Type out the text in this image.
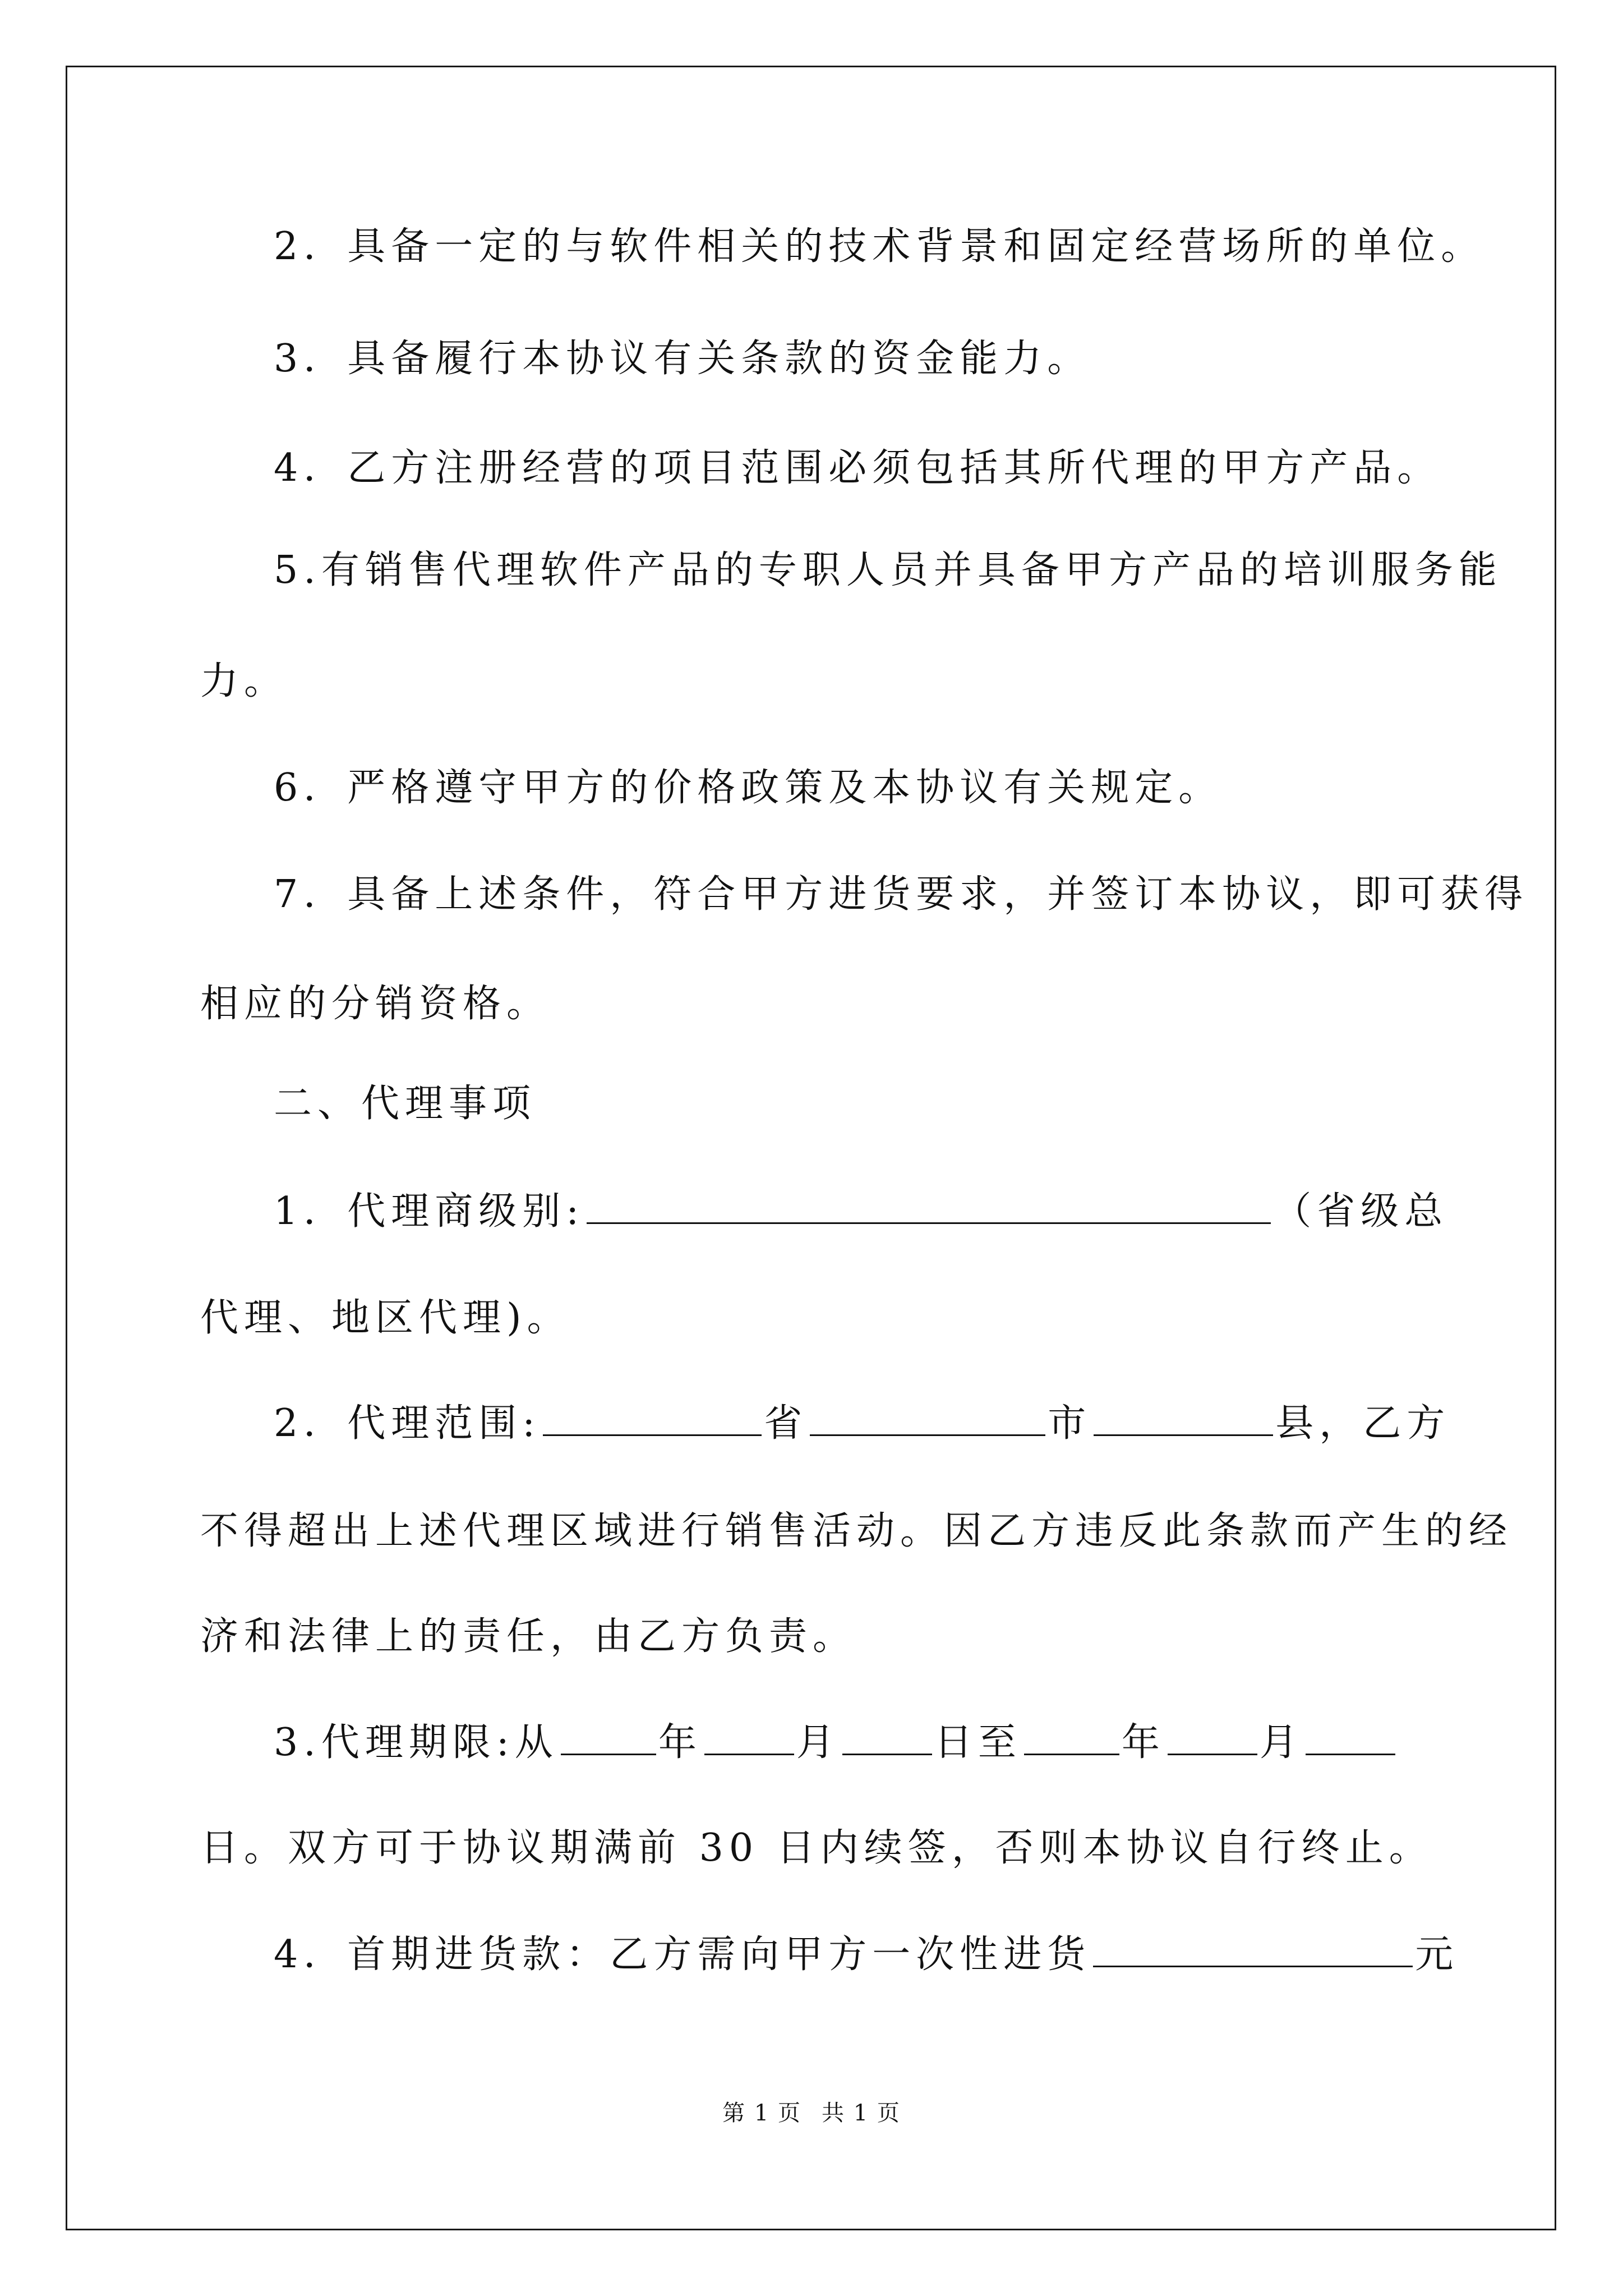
2．具备一定的与软件相关的技术背景和固定经营场所的单位。
3．具备履行本协议有关条款的资金能力。
4．乙方注册经营的项目范围必须包括其所代理的甲方产品。
5.有销售代理软件产品的专职人员并具备甲方产品的培训服务能
力。
6．严格遵守甲方的价格政策及本协议有关规定。
7．具备上述条件，符合甲方进货要求，并签订本协议，即可获得
相应的分销资格。
二、代理事项
1．代理商级别:	（省级总
代理、地区代理)。
2．代理范围:	省	市	县，乙方
不得超出上述代理区域进行销售活动。因乙方违反此条款而产生的经
济和法律上的责任，由乙方负责。
3.代理期限:从	年 月 日至	年 月
日。双方可于协议期满前 30 日内续签，否则本协议自行终止。
4．首期进货款：乙方需向甲方一次性进货	元
第 1 页 共 1 页
